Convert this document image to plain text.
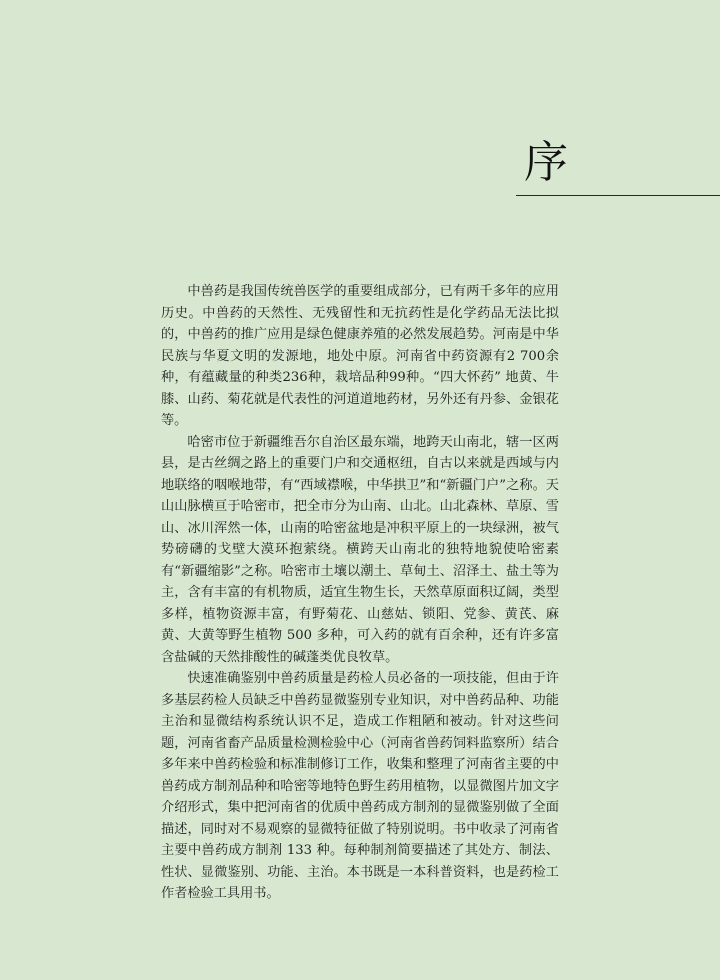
序

中兽药是我国传统兽医学的重要组成部分，已有两千多年的应用历史。中兽药的天然性、无残留性和无抗药性是化学药品无法比拟的，中兽药的推广应用是绿色健康养殖的必然发展趋势。河南是中华民族与华夏文明的发源地，地处中原。河南省中药资源有2 700余种，有蕴藏量的种类236种，栽培品种99种。“四大怀药” 地黄、牛膝、山药、菊花就是代表性的河道道地药材，另外还有丹参、金银花等。

哈密市位于新疆维吾尔自治区最东端，地跨天山南北，辖一区两县，是古丝绸之路上的重要门户和交通枢纽，自古以来就是西域与内地联络的咽喉地带，有“西域襟喉，中华拱卫”和“新疆门户”之称。天山山脉横亘于哈密市，把全市分为山南、山北。山北森林、草原、雪山、冰川浑然一体，山南的哈密盆地是冲积平原上的一块绿洲，被气势磅礴的戈壁大漠环抱萦绕。横跨天山南北的独特地貌使哈密素有“新疆缩影”之称。哈密市土壤以潮土、草甸土、沼泽土、盐土等为主，含有丰富的有机物质，适宜生物生长，天然草原面积辽阔，类型多样，植物资源丰富，有野菊花、山慈姑、锁阳、党参、黄芪、麻黄、大黄等野生植物 500 多种，可入药的就有百余种，还有许多富含盐碱的天然排酸性的碱蓬类优良牧草。

快速准确鉴别中兽药质量是药检人员必备的一项技能，但由于许多基层药检人员缺乏中兽药显微鉴别专业知识，对中兽药品种、功能主治和显微结构系统认识不足，造成工作粗陋和被动。针对这些问题，河南省畜产品质量检测检验中心（河南省兽药饲料监察所）结合多年来中兽药检验和标准制修订工作，收集和整理了河南省主要的中兽药成方制剂品种和哈密等地特色野生药用植物，以显微图片加文字介绍形式，集中把河南省的优质中兽药成方制剂的显微鉴别做了全面描述，同时对不易观察的显微特征做了特别说明。书中收录了河南省主要中兽药成方制剂 133 种。每种制剂简要描述了其处方、制法、性状、显微鉴别、功能、主治。本书既是一本科普资料，也是药检工作者检验工具用书。
